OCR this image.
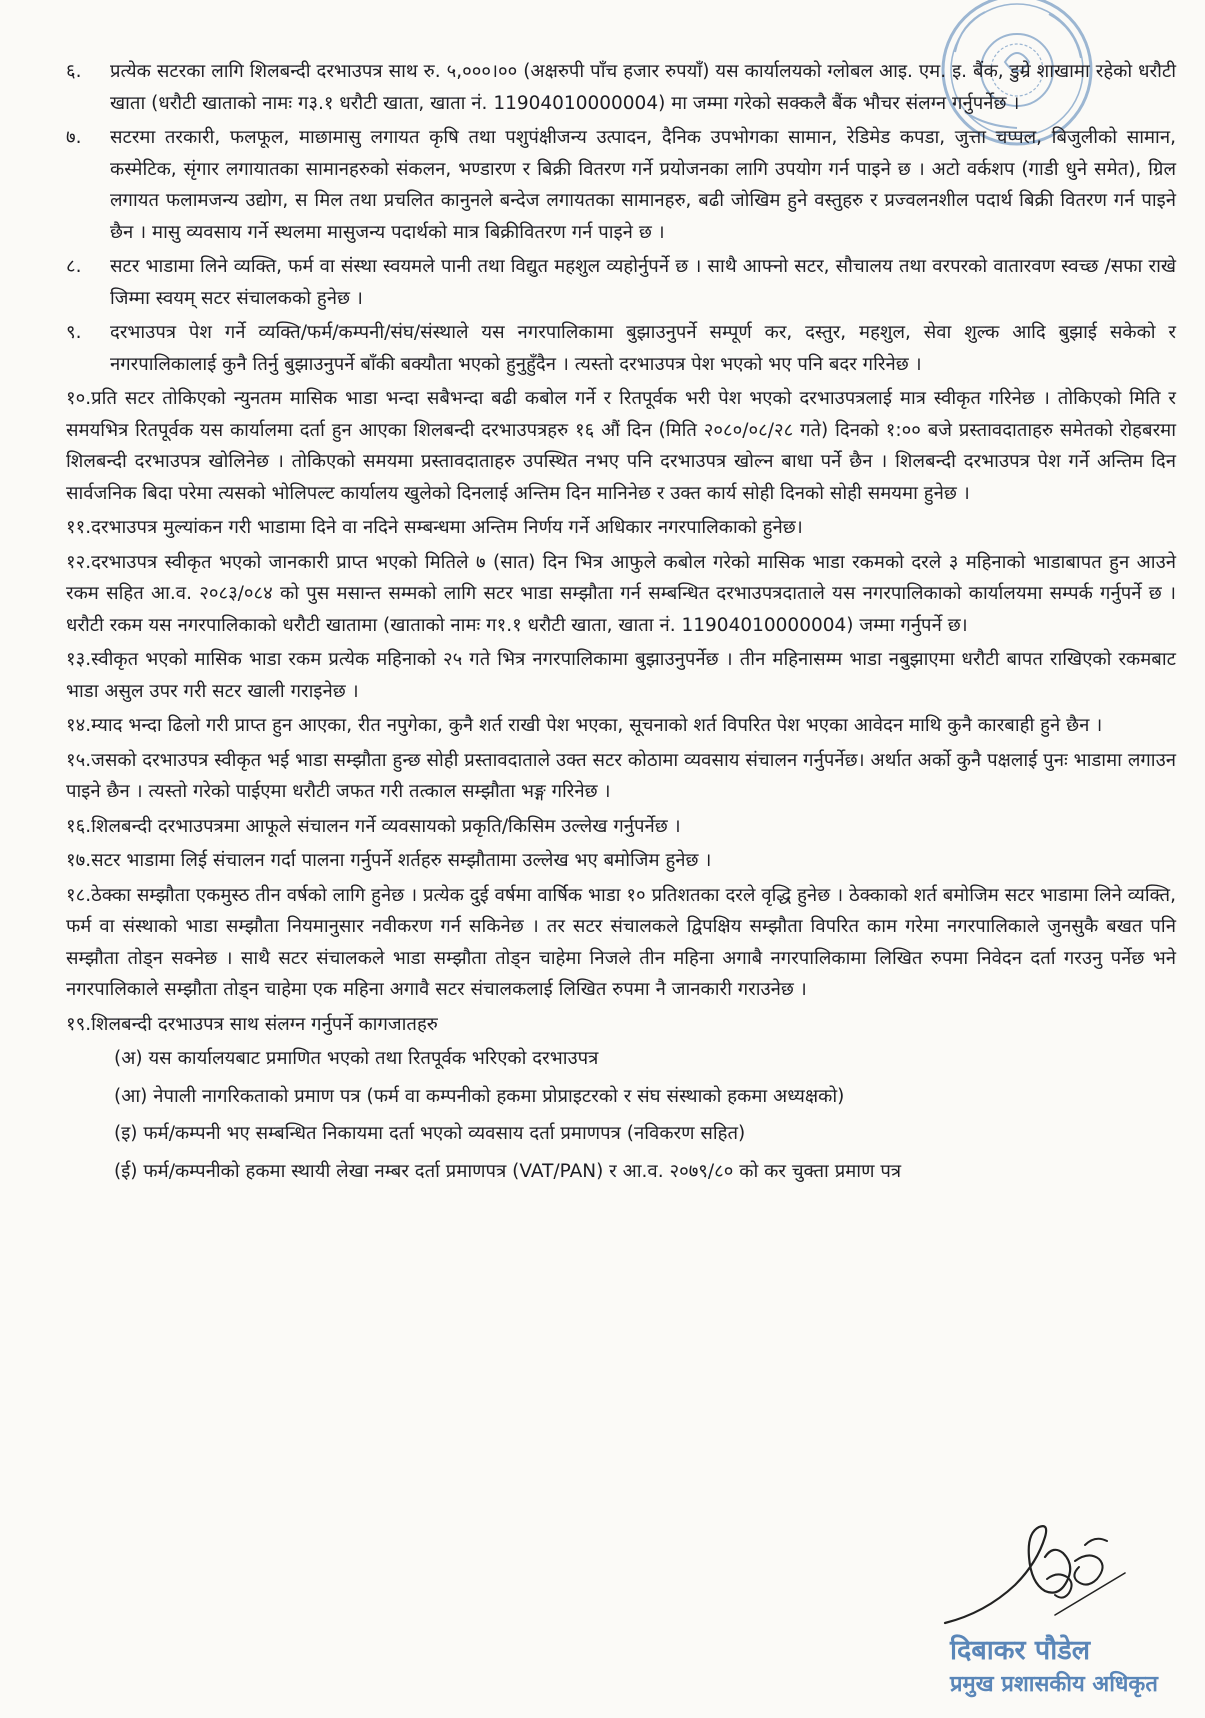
६. प्रत्येक सटरका लागि शिलबन्दी दरभाउपत्र साथ रु. ५,०००।०० (अक्षरुपी पाँच हजार रुपयाँ) यस कार्यालयको ग्लोबल आइ. एम. इ. बैंक, डुम्रे शाखामा रहेको धरौटी खाता (धरौटी खाताको नामः ग३.१ धरौटी खाता, खाता नं. 11904010000004) मा जम्मा गरेको सक्कलै बैंक भौचर संलग्न गर्नुपर्नेछ ।
७. सटरमा तरकारी, फलफूल, माछामासु लगायत कृषि तथा पशुपंक्षीजन्य उत्पादन, दैनिक उपभोगका सामान, रेडिमेड कपडा, जुत्ता चप्पल, बिजुलीको सामान, कस्मेटिक, सृंगार लगायातका सामानहरुको संकलन, भण्डारण र बिक्री वितरण गर्ने प्रयोजनका लागि उपयोग गर्न पाइने छ । अटो वर्कशप (गाडी धुने समेत), ग्रिल लगायत फलामजन्य उद्योग, स मिल तथा प्रचलित कानुनले बन्देज लगायतका सामानहरु, बढी जोखिम हुने वस्तुहरु र प्रज्वलनशील पदार्थ बिक्री वितरण गर्न पाइने छैन । मासु व्यवसाय गर्ने स्थलमा मासुजन्य पदार्थको मात्र बिक्रीवितरण गर्न पाइने छ ।
८. सटर भाडामा लिने व्यक्ति, फर्म वा संस्था स्वयमले पानी तथा विद्युत महशुल व्यहोर्नुपर्ने छ । साथै आफ्नो सटर, सौचालय तथा वरपरको वातारवण स्वच्छ /सफा राखे जिम्मा स्वयम् सटर संचालकको हुनेछ ।
९. दरभाउपत्र पेश गर्ने व्यक्ति/फर्म/कम्पनी/संघ/संस्थाले यस नगरपालिकामा बुझाउनुपर्ने सम्पूर्ण कर, दस्तुर, महशुल, सेवा शुल्क आदि बुझाई सकेको र नगरपालिकालाई कुनै तिर्नु बुझाउनुपर्ने बाँकी बक्यौता भएको हुनुहुँदैन । त्यस्तो दरभाउपत्र पेश भएको भए पनि बदर गरिनेछ ।
१०.प्रति सटर तोकिएको न्युनतम मासिक भाडा भन्दा सबैभन्दा बढी कबोल गर्ने र रितपूर्वक भरी पेश भएको दरभाउपत्रलाई मात्र स्वीकृत गरिनेछ । तोकिएको मिति र समयभित्र रितपूर्वक यस कार्यालमा दर्ता हुन आएका शिलबन्दी दरभाउपत्रहरु १६ औं दिन (मिति २०८०/०८/२८ गते) दिनको १:०० बजे प्रस्तावदाताहरु समेतको रोहबरमा शिलबन्दी दरभाउपत्र खोलिनेछ । तोकिएको समयमा प्रस्तावदाताहरु उपस्थित नभए पनि दरभाउपत्र खोल्न बाधा पर्ने छैन । शिलबन्दी दरभाउपत्र पेश गर्ने अन्तिम दिन सार्वजनिक बिदा परेमा त्यसको भोलिपल्ट कार्यालय खुलेको दिनलाई अन्तिम दिन मानिनेछ र उक्त कार्य सोही दिनको सोही समयमा हुनेछ ।
११.दरभाउपत्र मुल्यांकन गरी भाडामा दिने वा नदिने सम्बन्धमा अन्तिम निर्णय गर्ने अधिकार नगरपालिकाको हुनेछ।
१२.दरभाउपत्र स्वीकृत भएको जानकारी प्राप्त भएको मितिले ७ (सात) दिन भित्र आफुले कबोल गरेको मासिक भाडा रकमको दरले ३ महिनाको भाडाबापत हुन आउने रकम सहित आ.व. २०८३/०८४ को पुस मसान्त सम्मको लागि सटर भाडा सम्झौता गर्न सम्बन्धित दरभाउपत्रदाताले यस नगरपालिकाको कार्यालयमा सम्पर्क गर्नुपर्ने छ । धरौटी रकम यस नगरपालिकाको धरौटी खातामा (खाताको नामः ग१.१ धरौटी खाता, खाता नं. 11904010000004) जम्मा गर्नुपर्ने छ।
१३.स्वीकृत भएको मासिक भाडा रकम प्रत्येक महिनाको २५ गते भित्र नगरपालिकामा बुझाउनुपर्नेछ । तीन महिनासम्म भाडा नबुझाएमा धरौटी बापत राखिएको रकमबाट भाडा असुल उपर गरी सटर खाली गराइनेछ ।
१४.म्याद भन्दा ढिलो गरी प्राप्त हुन आएका, रीत नपुगेका, कुनै शर्त राखी पेश भएका, सूचनाको शर्त विपरित पेश भएका आवेदन माथि कुनै कारबाही हुने छैन ।
१५.जसको दरभाउपत्र स्वीकृत भई भाडा सम्झौता हुन्छ सोही प्रस्तावदाताले उक्त सटर कोठामा व्यवसाय संचालन गर्नुपर्नेछ। अर्थात अर्को कुनै पक्षलाई पुनः भाडामा लगाउन पाइने छैन । त्यस्तो गरेको पाईएमा धरौटी जफत गरी तत्काल सम्झौता भङ्ग गरिनेछ ।
१६.शिलबन्दी दरभाउपत्रमा आफूले संचालन गर्ने व्यवसायको प्रकृति/किसिम उल्लेख गर्नुपर्नेछ ।
१७.सटर भाडामा लिई संचालन गर्दा पालना गर्नुपर्ने शर्तहरु सम्झौतामा उल्लेख भए बमोजिम हुनेछ ।
१८.ठेक्का सम्झौता एकमुस्ठ तीन वर्षको लागि हुनेछ । प्रत्येक दुई वर्षमा वार्षिक भाडा १० प्रतिशतका दरले वृद्धि हुनेछ । ठेक्काको शर्त बमोजिम सटर भाडामा लिने व्यक्ति, फर्म वा संस्थाको भाडा सम्झौता नियमानुसार नवीकरण गर्न सकिनेछ । तर सटर संचालकले द्विपक्षिय सम्झौता विपरित काम गरेमा नगरपालिकाले जुनसुकै बखत पनि सम्झौता तोड्न सक्नेछ । साथै सटर संचालकले भाडा सम्झौता तोड्न चाहेमा निजले तीन महिना अगाबै नगरपालिकामा लिखित रुपमा निवेदन दर्ता गरउनु पर्नेछ भने नगरपालिकाले सम्झौता तोड्न चाहेमा एक महिना अगावै सटर संचालकलाई लिखित रुपमा नै जानकारी गराउनेछ ।
१९.शिलबन्दी दरभाउपत्र साथ संलग्न गर्नुपर्ने कागजातहरु
(अ) यस कार्यालयबाट प्रमाणित भएको तथा रितपूर्वक भरिएको दरभाउपत्र
(आ) नेपाली नागरिकताको प्रमाण पत्र (फर्म वा कम्पनीको हकमा प्रोप्राइटरको र संघ संस्थाको हकमा अध्यक्षको)
(इ) फर्म/कम्पनी भए सम्बन्धित निकायमा दर्ता भएको व्यवसाय दर्ता प्रमाणपत्र (नविकरण सहित)
(ई) फर्म/कम्पनीको हकमा स्थायी लेखा नम्बर दर्ता प्रमाणपत्र (VAT/PAN) र आ.व. २०७९/८० को कर चुक्ता प्रमाण पत्र
दिबाकर पौडेल
प्रमुख प्रशासकीय अधिकृत
